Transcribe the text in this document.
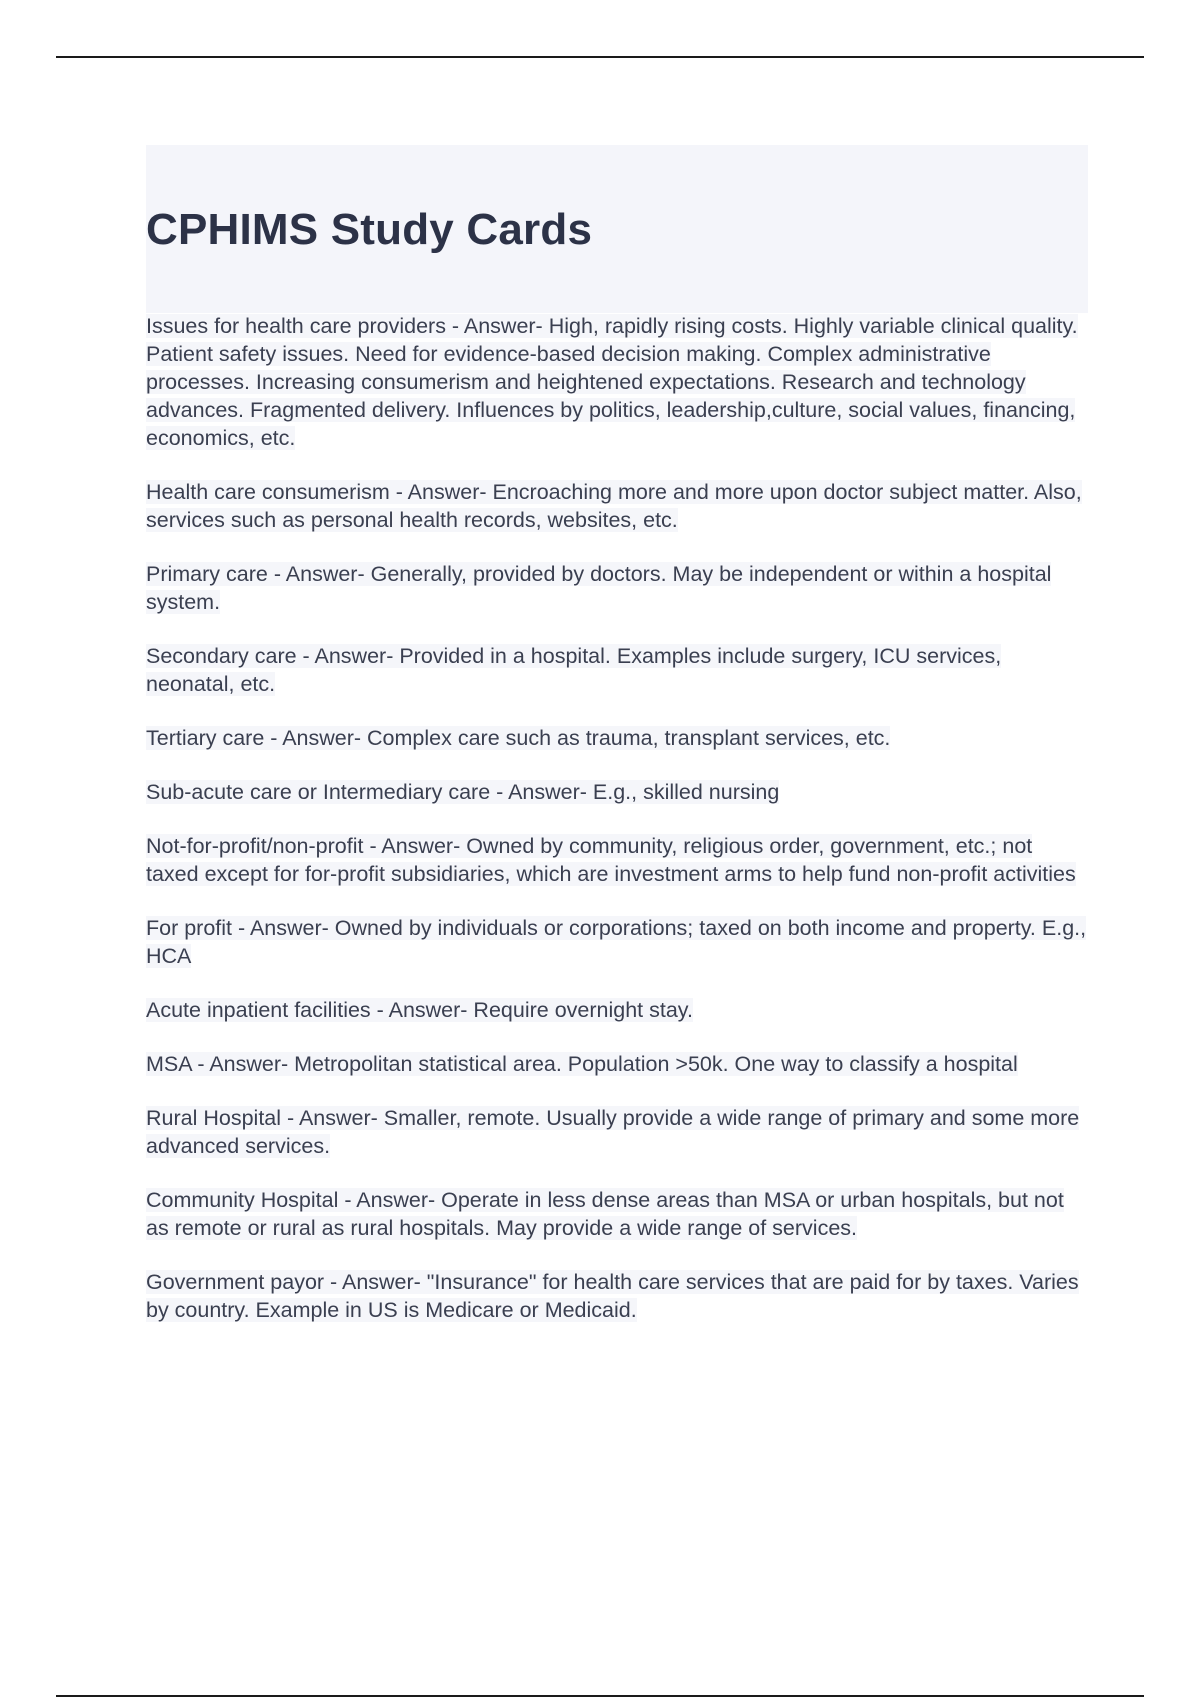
CPHIMS Study Cards
Issues for health care providers - Answer- High, rapidly rising costs. Highly variable clinical quality. Patient safety issues. Need for evidence-based decision making. Complex administrative processes. Increasing consumerism and heightened expectations. Research and technology advances. Fragmented delivery. Influences by politics, leadership,culture, social values, financing, economics, etc.
Health care consumerism - Answer- Encroaching more and more upon doctor subject matter. Also, services such as personal health records, websites, etc.
Primary care - Answer- Generally, provided by doctors. May be independent or within a hospital system.
Secondary care - Answer- Provided in a hospital. Examples include surgery, ICU services, neonatal, etc.
Tertiary care - Answer- Complex care such as trauma, transplant services, etc.
Sub-acute care or Intermediary care - Answer- E.g., skilled nursing
Not-for-profit/non-profit - Answer- Owned by community, religious order, government, etc.; not taxed except for for-profit subsidiaries, which are investment arms to help fund non-profit activities
For profit - Answer- Owned by individuals or corporations; taxed on both income and property. E.g., HCA
Acute inpatient facilities - Answer- Require overnight stay.
MSA - Answer- Metropolitan statistical area. Population >50k. One way to classify a hospital
Rural Hospital - Answer- Smaller, remote. Usually provide a wide range of primary and some more advanced services.
Community Hospital - Answer- Operate in less dense areas than MSA or urban hospitals, but not as remote or rural as rural hospitals. May provide a wide range of services.
Government payor - Answer- "Insurance" for health care services that are paid for by taxes. Varies by country. Example in US is Medicare or Medicaid.
